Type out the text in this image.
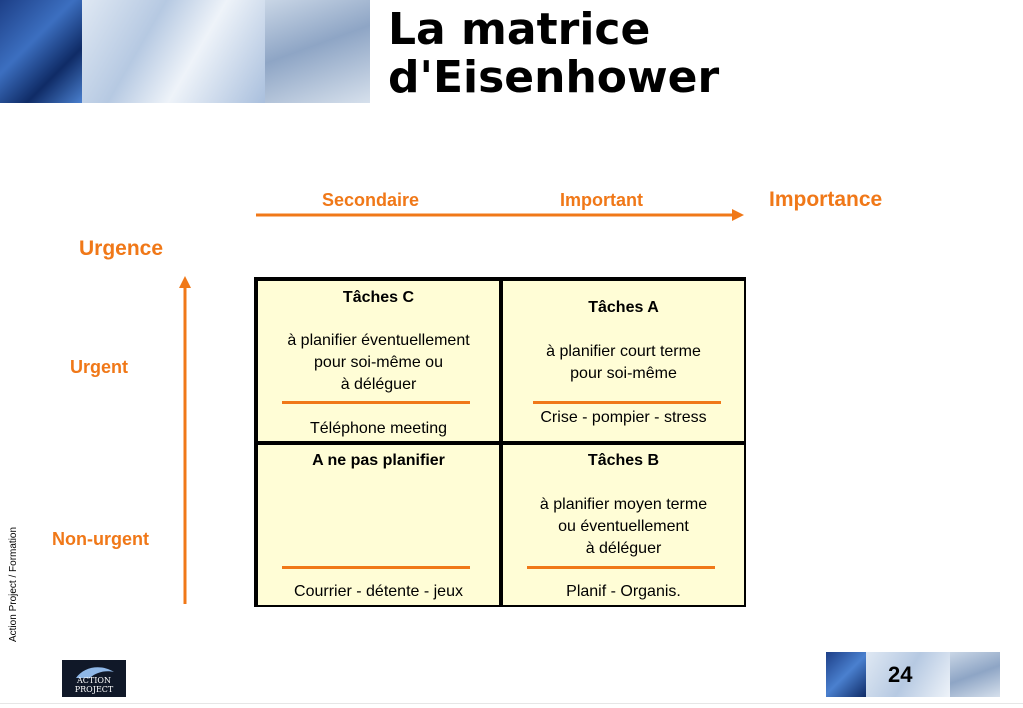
La matrice
d'Eisenhower
Secondaire	Important	Importance
Urgence
Urgent
Non-urgent
Tâches C
à planifier éventuellement
pour soi-même ou
à déléguer
Téléphone meeting
Tâches A
à planifier court terme
pour soi-même
Crise - pompier - stress
A ne pas planifier
Courrier - détente - jeux
Tâches B
à planifier moyen terme
ou éventuellement
à déléguer
Planif - Organis.
Action Project / Formation
ACTION PROJECT
24
